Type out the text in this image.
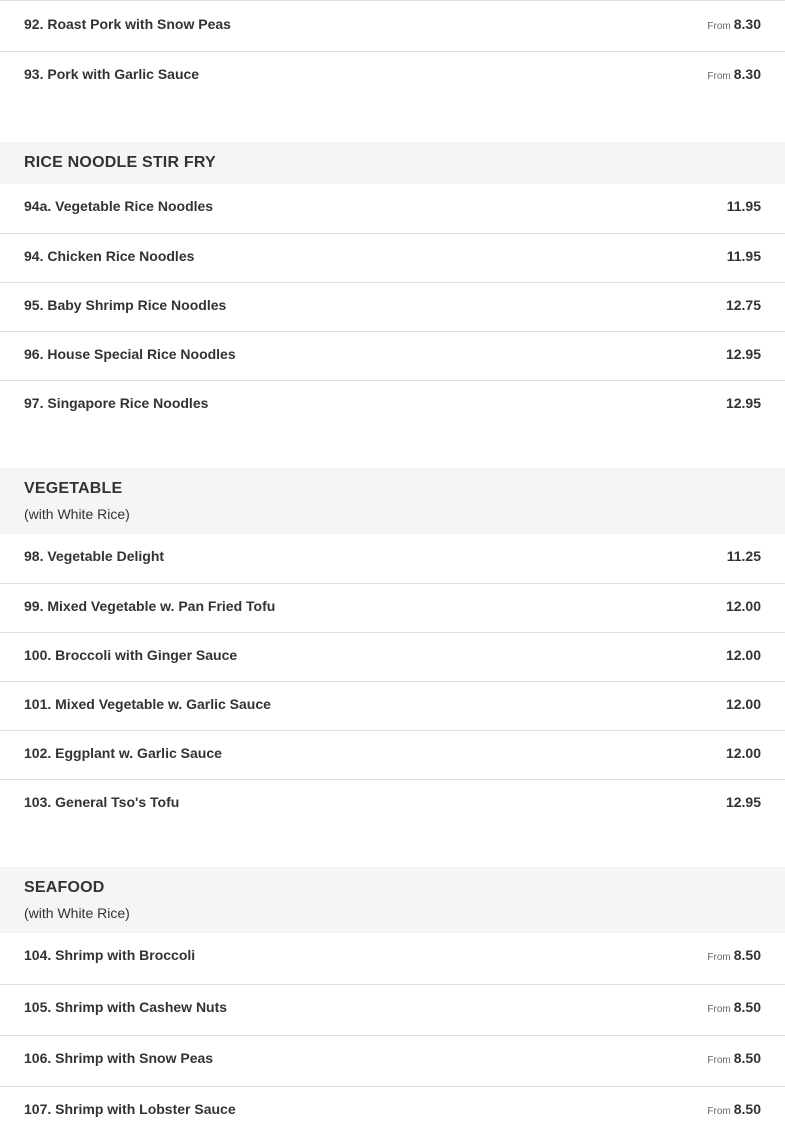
92. Roast Pork with Snow Peas	From 8.30
93. Pork with Garlic Sauce	From 8.30
RICE NOODLE STIR FRY
94a. Vegetable Rice Noodles	11.95
94. Chicken Rice Noodles	11.95
95. Baby Shrimp Rice Noodles	12.75
96. House Special Rice Noodles	12.95
97. Singapore Rice Noodles	12.95
VEGETABLE
(with White Rice)
98. Vegetable Delight	11.25
99. Mixed Vegetable w. Pan Fried Tofu	12.00
100. Broccoli with Ginger Sauce	12.00
101. Mixed Vegetable w. Garlic Sauce	12.00
102. Eggplant w. Garlic Sauce	12.00
103. General Tso's Tofu	12.95
SEAFOOD
(with White Rice)
104. Shrimp with Broccoli	From 8.50
105. Shrimp with Cashew Nuts	From 8.50
106. Shrimp with Snow Peas	From 8.50
107. Shrimp with Lobster Sauce	From 8.50
